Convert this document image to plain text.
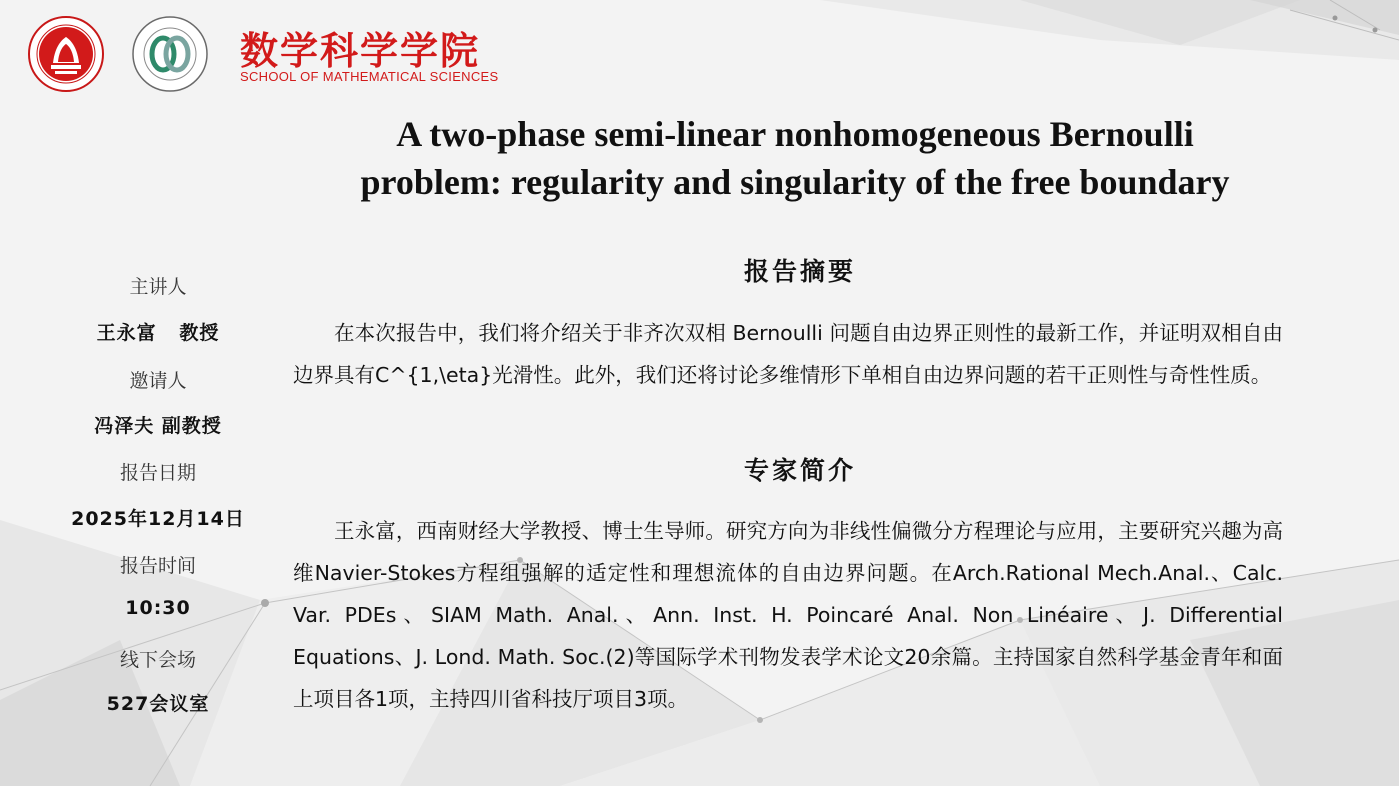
数学科学学院
SCHOOL OF MATHEMATICAL SCIENCES
A two-phase semi-linear nonhomogeneous Bernoulli
problem: regularity and singularity of the free boundary
主讲人
王永富   教授
邀请人
冯泽夫 副教授
报告日期
2025年12月14日
报告时间
10:30
线下会场
527会议室
报告摘要
在本次报告中，我们将介绍关于非齐次双相 Bernoulli 问题自由边界正则性的最新工作，并证明双相自由边界具有C^{1,\eta}光滑性。此外，我们还将讨论多维情形下单相自由边界问题的若干正则性与奇性性质。
专家简介
王永富，西南财经大学教授、博士生导师。研究方向为非线性偏微分方程理论与应用，主要研究兴趣为高维Navier-Stokes方程组强解的适定性和理想流体的自由边界问题。在Arch.Rational Mech.Anal.、Calc. Var. PDEs、SIAM Math. Anal.、Ann. Inst. H. Poincaré Anal. Non Linéaire、J. Differential Equations、J. Lond. Math. Soc.(2)等国际学术刊物发表学术论文20余篇。主持国家自然科学基金青年和面上项目各1项，主持四川省科技厅项目3项。
